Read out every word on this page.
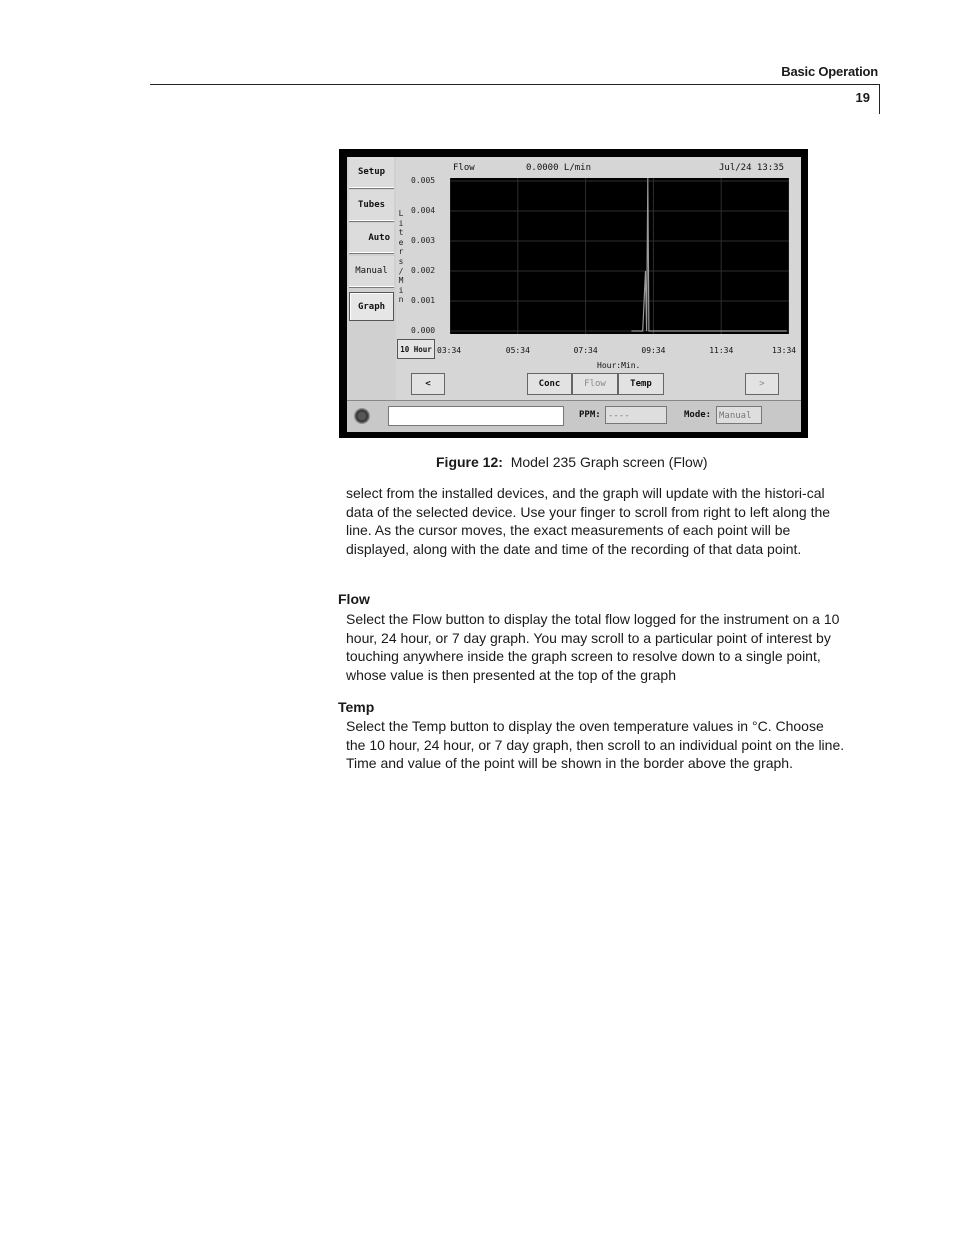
Basic Operation
19
Setup
Tubes
Auto
Manual
Graph
Flow	0.0000 L/min	Jul/24 13:35
L
i
t
e
r
s
/
M
i
n
0.005
0.004
0.003
0.002
0.001
0.000
10 Hour 03:34	05:34	07:34	09:34	11:34	13:34
Hour:Min.
<	Conc	Flow	Temp	>
PPM: ----	Mode: Manual
Figure 12: Model 235 Graph screen (Flow)
select from the installed devices, and the graph will update with the histori-cal data of the selected device. Use your finger to scroll from right to left along the line. As the cursor moves, the exact measurements of each point will be displayed, along with the date and time of the recording of that data point.
Flow
Select the Flow button to display the total flow logged for the instrument on a 10 hour, 24 hour, or 7 day graph. You may scroll to a particular point of interest by touching anywhere inside the graph screen to resolve down to a single point, whose value is then presented at the top of the graph
Temp
Select the Temp button to display the oven temperature values in °C. Choose the 10 hour, 24 hour, or 7 day graph, then scroll to an individual point on the line. Time and value of the point will be shown in the border above the graph.
